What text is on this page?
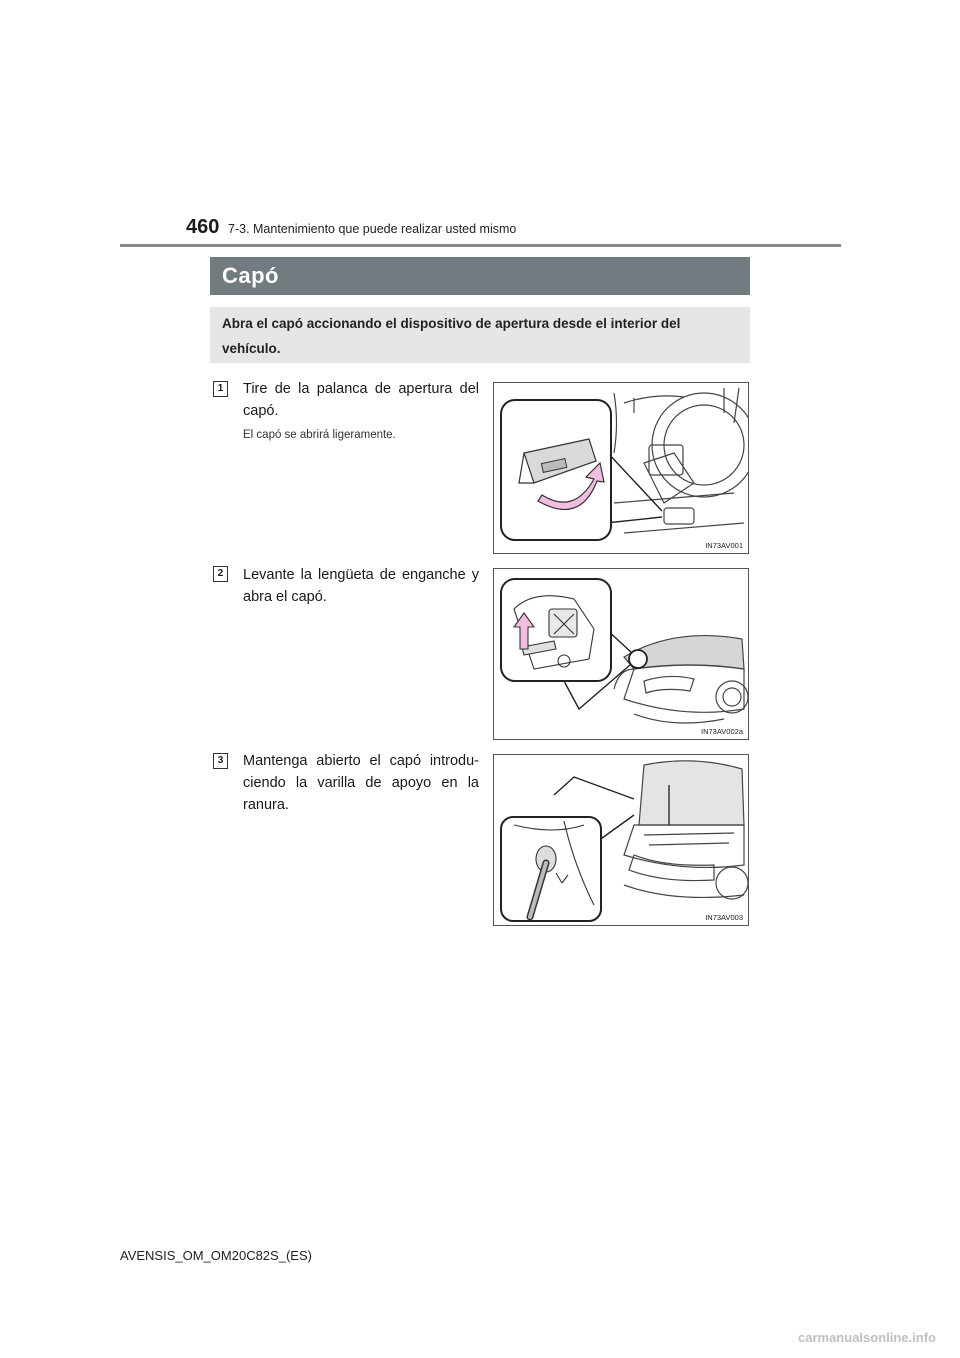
460 7-3. Mantenimiento que puede realizar usted mismo
Capó
Abra el capó accionando el dispositivo de apertura desde el interior del vehículo.
1	Tire de la palanca de apertura del capó.
El capó se abrirá ligeramente.
IN73AV001
2	Levante la lengüeta de enganche y abra el capó.
IN73AV002a
3	Mantenga abierto el capó introdu-ciendo la varilla de apoyo en la ranura.
IN73AV003
AVENSIS_OM_OM20C82S_(ES)
carmanualsonline.info
